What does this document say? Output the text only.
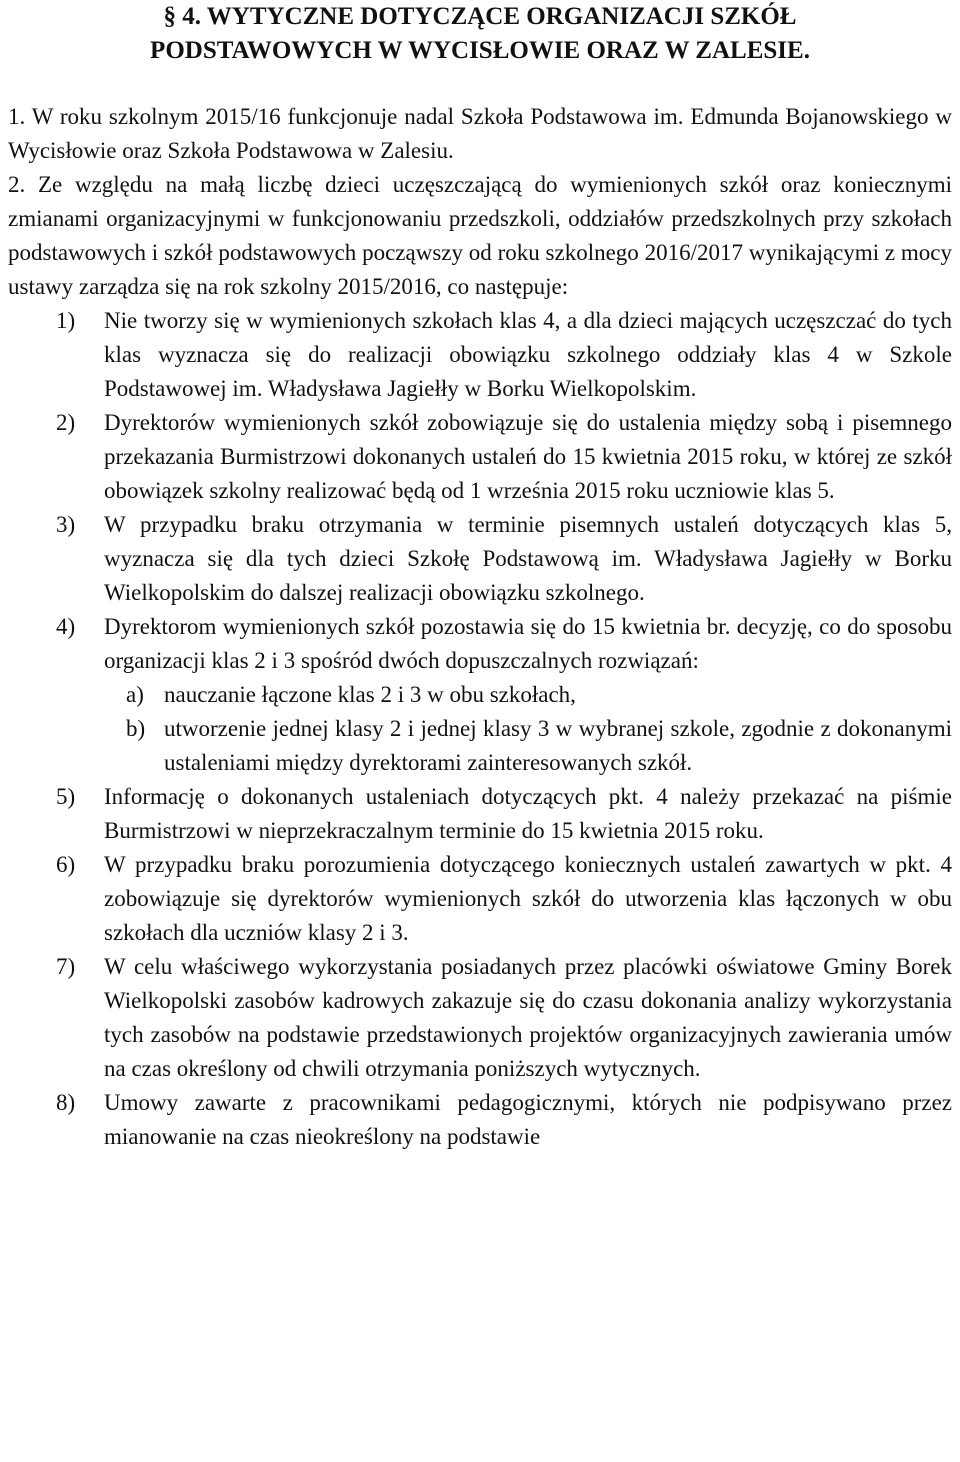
§ 4. WYTYCZNE DOTYCZĄCE ORGANIZACJI SZKÓŁ
PODSTAWOWYCH W WYCISŁOWIE ORAZ W ZALESIE.

1. W roku szkolnym 2015/16 funkcjonuje nadal Szkoła Podstawowa im. Edmunda Bojanowskiego w Wycisłowie oraz Szkoła Podstawowa w Zalesiu.

2. Ze względu na małą liczbę dzieci uczęszczającą do wymienionych szkół oraz koniecznymi zmianami organizacyjnymi w funkcjonowaniu przedszkoli, oddziałów przedszkolnych przy szkołach podstawowych i szkół podstawowych począwszy od roku szkolnego 2016/2017 wynikającymi z mocy ustawy zarządza się na rok szkolny 2015/2016, co następuje:

1)	Nie tworzy się w wymienionych szkołach klas 4, a dla dzieci mających uczęszczać do tych klas wyznacza się do realizacji obowiązku szkolnego oddziały klas 4 w Szkole Podstawowej im. Władysława Jagiełły w Borku Wielkopolskim.
2)	Dyrektorów wymienionych szkół zobowiązuje się do ustalenia między sobą i pisemnego przekazania Burmistrzowi dokonanych ustaleń do 15 kwietnia 2015 roku, w której ze szkół obowiązek szkolny realizować będą od 1 września 2015 roku uczniowie klas 5.
3)	W przypadku braku otrzymania w terminie pisemnych ustaleń dotyczących klas 5, wyznacza się dla tych dzieci Szkołę Podstawową im. Władysława Jagiełły w Borku Wielkopolskim do dalszej realizacji obowiązku szkolnego.
4)	Dyrektorom wymienionych szkół pozostawia się do 15 kwietnia br. decyzję, co do sposobu organizacji klas 2 i 3 spośród dwóch dopuszczalnych rozwiązań:
a) nauczanie łączone klas 2 i 3 w obu szkołach,
b) utworzenie jednej klasy 2 i jednej klasy 3 w wybranej szkole, zgodnie z dokonanymi ustaleniami między dyrektorami zainteresowanych szkół.
5)	Informację o dokonanych ustaleniach dotyczących pkt. 4 należy przekazać na piśmie Burmistrzowi w nieprzekraczalnym terminie do 15 kwietnia 2015 roku.
6)	W przypadku braku porozumienia dotyczącego koniecznych ustaleń zawartych w pkt. 4 zobowiązuje się dyrektorów wymienionych szkół do utworzenia klas łączonych w obu szkołach dla uczniów klasy 2 i 3.
7)	W celu właściwego wykorzystania posiadanych przez placówki oświatowe Gminy Borek Wielkopolski zasobów kadrowych zakazuje się do czasu dokonania analizy wykorzystania tych zasobów na podstawie przedstawionych projektów organizacyjnych zawierania umów na czas określony od chwili otrzymania poniższych wytycznych.
8)	Umowy zawarte z pracownikami pedagogicznymi, których nie podpisywano przez mianowanie na czas nieokreślony na podstawie
